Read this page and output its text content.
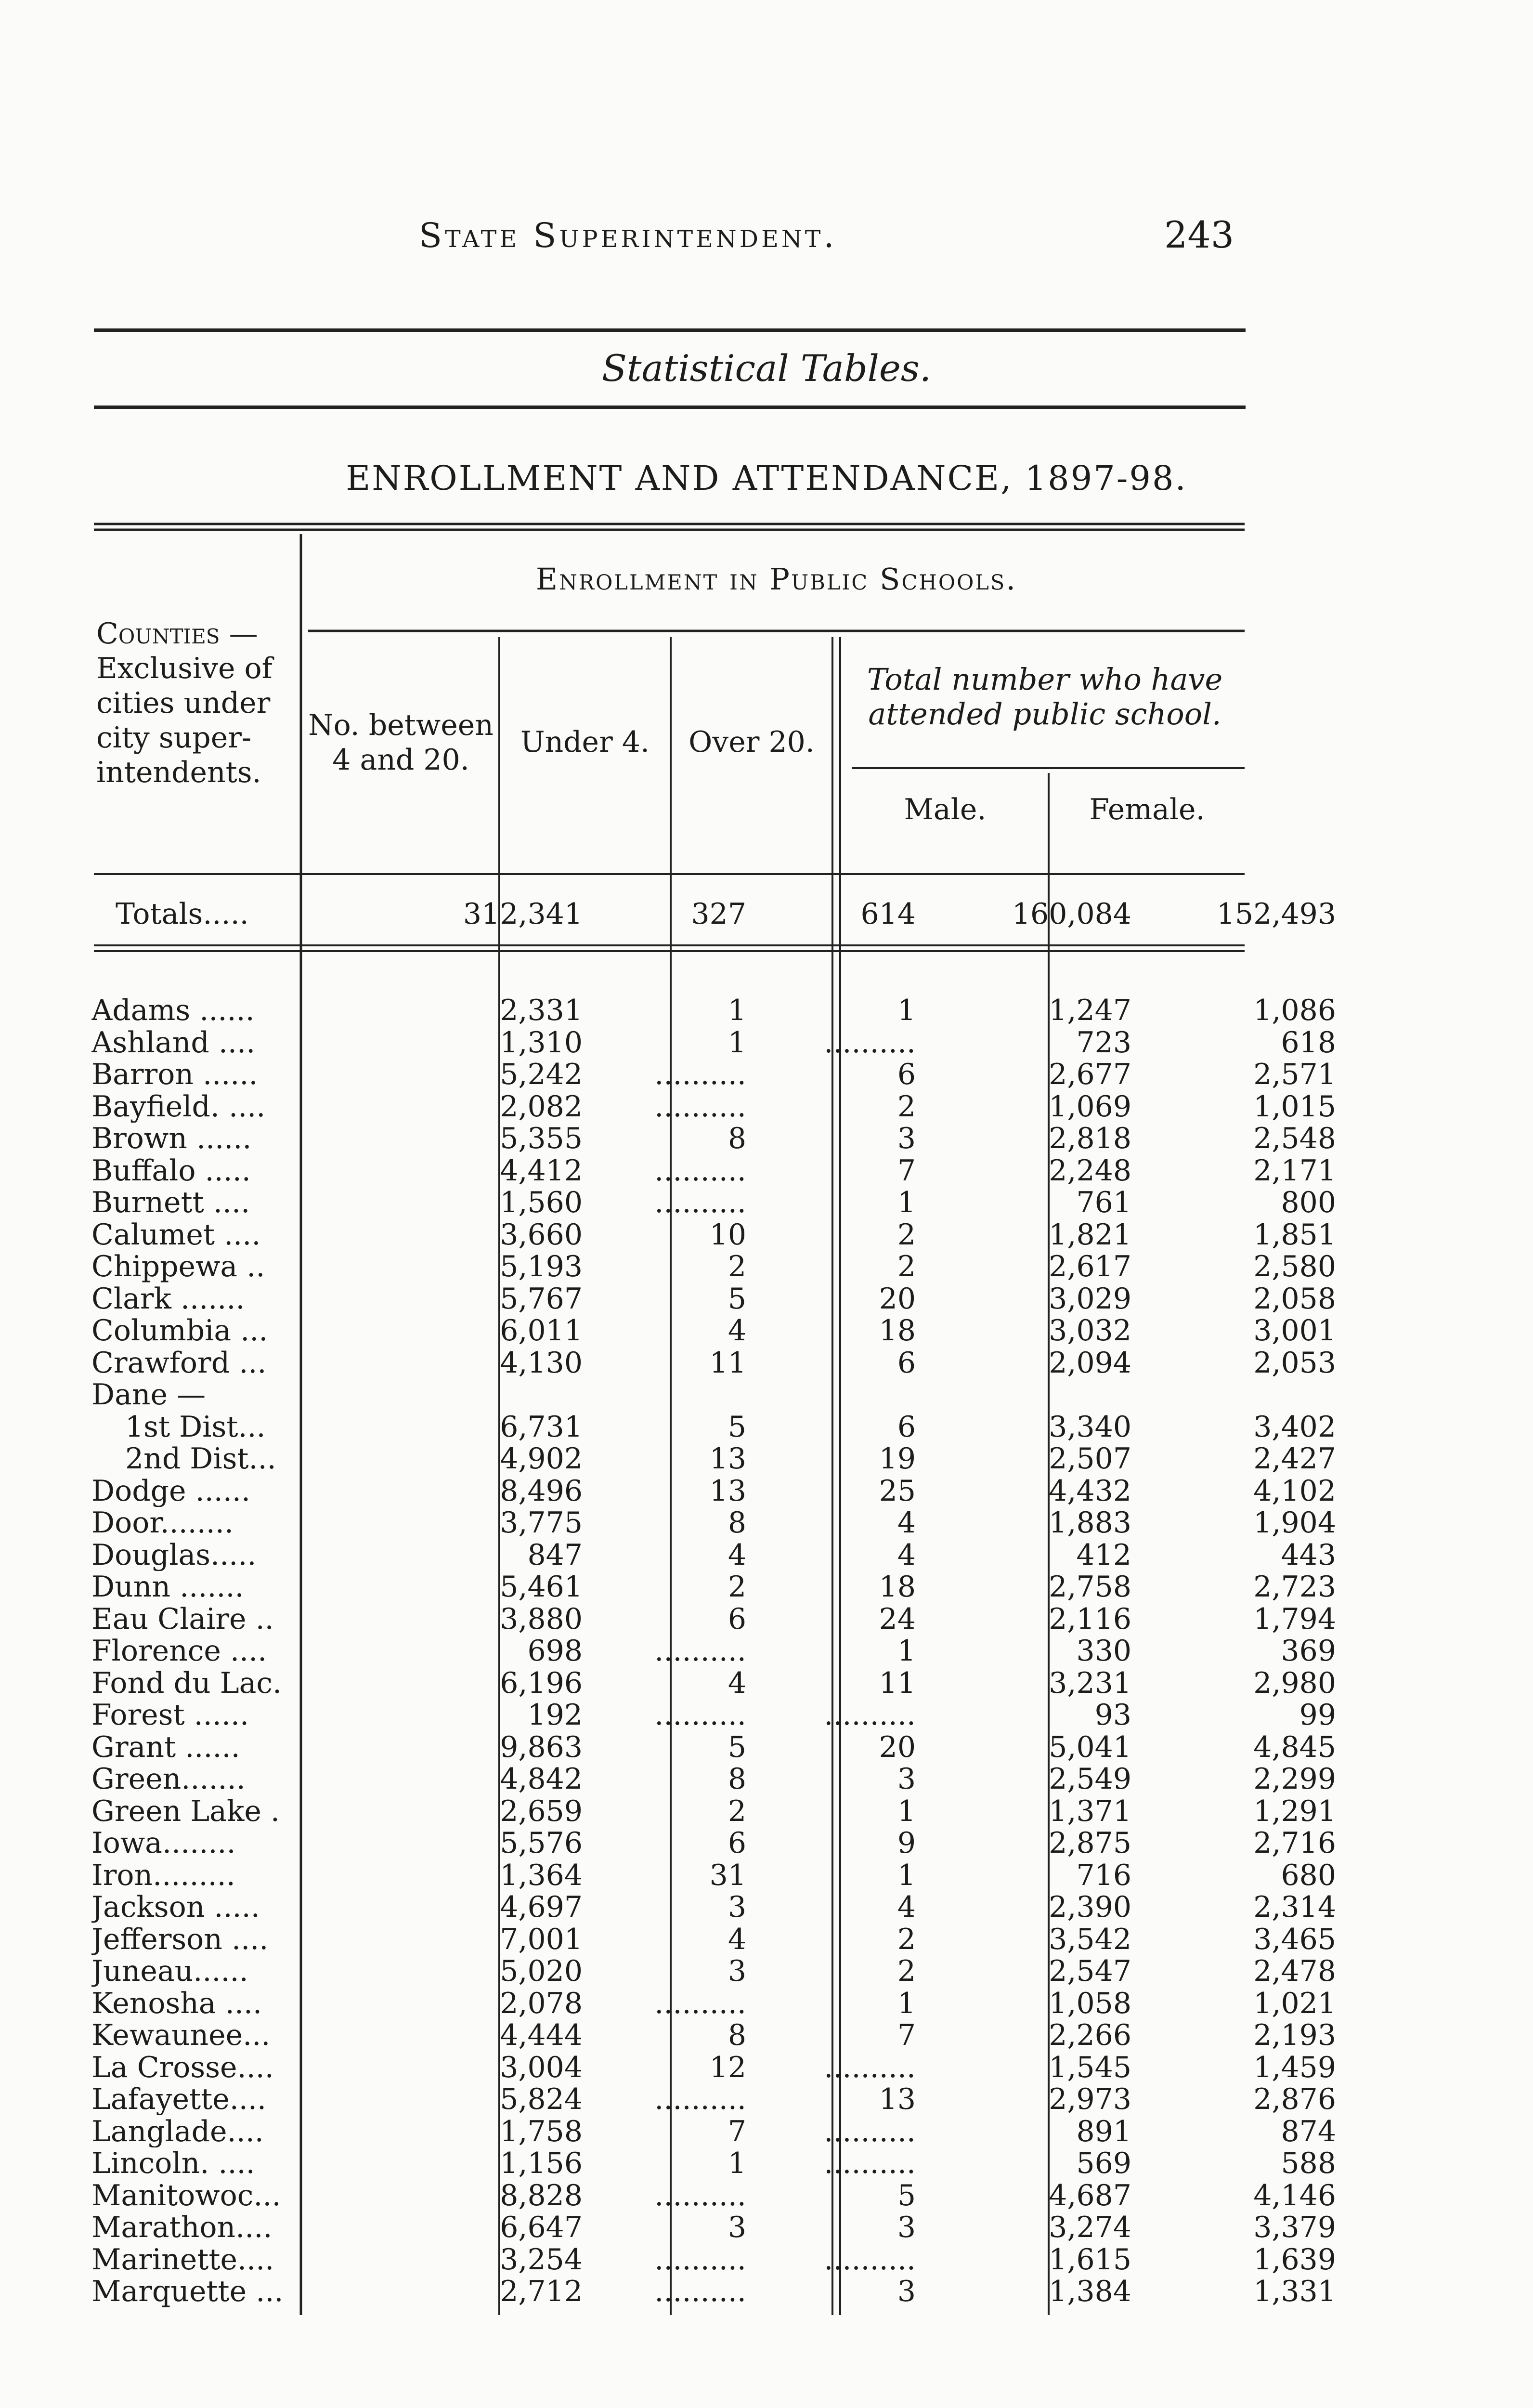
State Superintendent.	243
Statistical Tables.
ENROLLMENT AND ATTENDANCE, 1897-98.
Enrollment in Public Schools.
Counties —
Exclusive of
cities under
city super-
intendents.
No. between
4 and 20.
Under 4.	Over 20.
Total number who have
attended public school.
Male.	Female.
Totals.....	312,341	327	614	160,084	152,493
Adams ......	2,331	1	1	1,247	1,086
Ashland ....	1,310	1	..........	723	618
Barron ......	5,242	..........	6	2,677	2,571
Bayfield. ....	2,082	..........	2	1,069	1,015
Brown ......	5,355	8	3	2,818	2,548
Buffalo .....	4,412	..........	7	2,248	2,171
Burnett ....	1,560	..........	1	761	800
Calumet ....	3,660	10	2	1,821	1,851
Chippewa ..	5,193	2	2	2,617	2,580
Clark .......	5,767	5	20	3,029	2,058
Columbia ...	6,011	4	18	3,032	3,001
Crawford ...	4,130	11	6	2,094	2,053
Dane —
1st Dist...	6,731	5	6	3,340	3,402
2nd Dist...	4,902	13	19	2,507	2,427
Dodge ......	8,496	13	25	4,432	4,102
Door........	3,775	8	4	1,883	1,904
Douglas.....	847	4	4	412	443
Dunn .......	5,461	2	18	2,758	2,723
Eau Claire ..	3,880	6	24	2,116	1,794
Florence ....	698	..........	1	330	369
Fond du Lac.	6,196	4	11	3,231	2,980
Forest ......	192	..........	..........	93	99
Grant ......	9,863	5	20	5,041	4,845
Green.......	4,842	8	3	2,549	2,299
Green Lake .	2,659	2	1	1,371	1,291
Iowa........	5,576	6	9	2,875	2,716
Iron.........	1,364	31	1	716	680
Jackson .....	4,697	3	4	2,390	2,314
Jefferson ....	7,001	4	2	3,542	3,465
Juneau......	5,020	3	2	2,547	2,478
Kenosha ....	2,078	..........	1	1,058	1,021
Kewaunee...	4,444	8	7	2,266	2,193
La Crosse....	3,004	12	..........	1,545	1,459
Lafayette....	5,824	..........	13	2,973	2,876
Langlade....	1,758	7	..........	891	874
Lincoln. ....	1,156	1	..........	569	588
Manitowoc...	8,828	..........	5	4,687	4,146
Marathon....	6,647	3	3	3,274	3,379
Marinette....	3,254	..........	..........	1,615	1,639
Marquette ...	2,712	..........	3	1,384	1,331
